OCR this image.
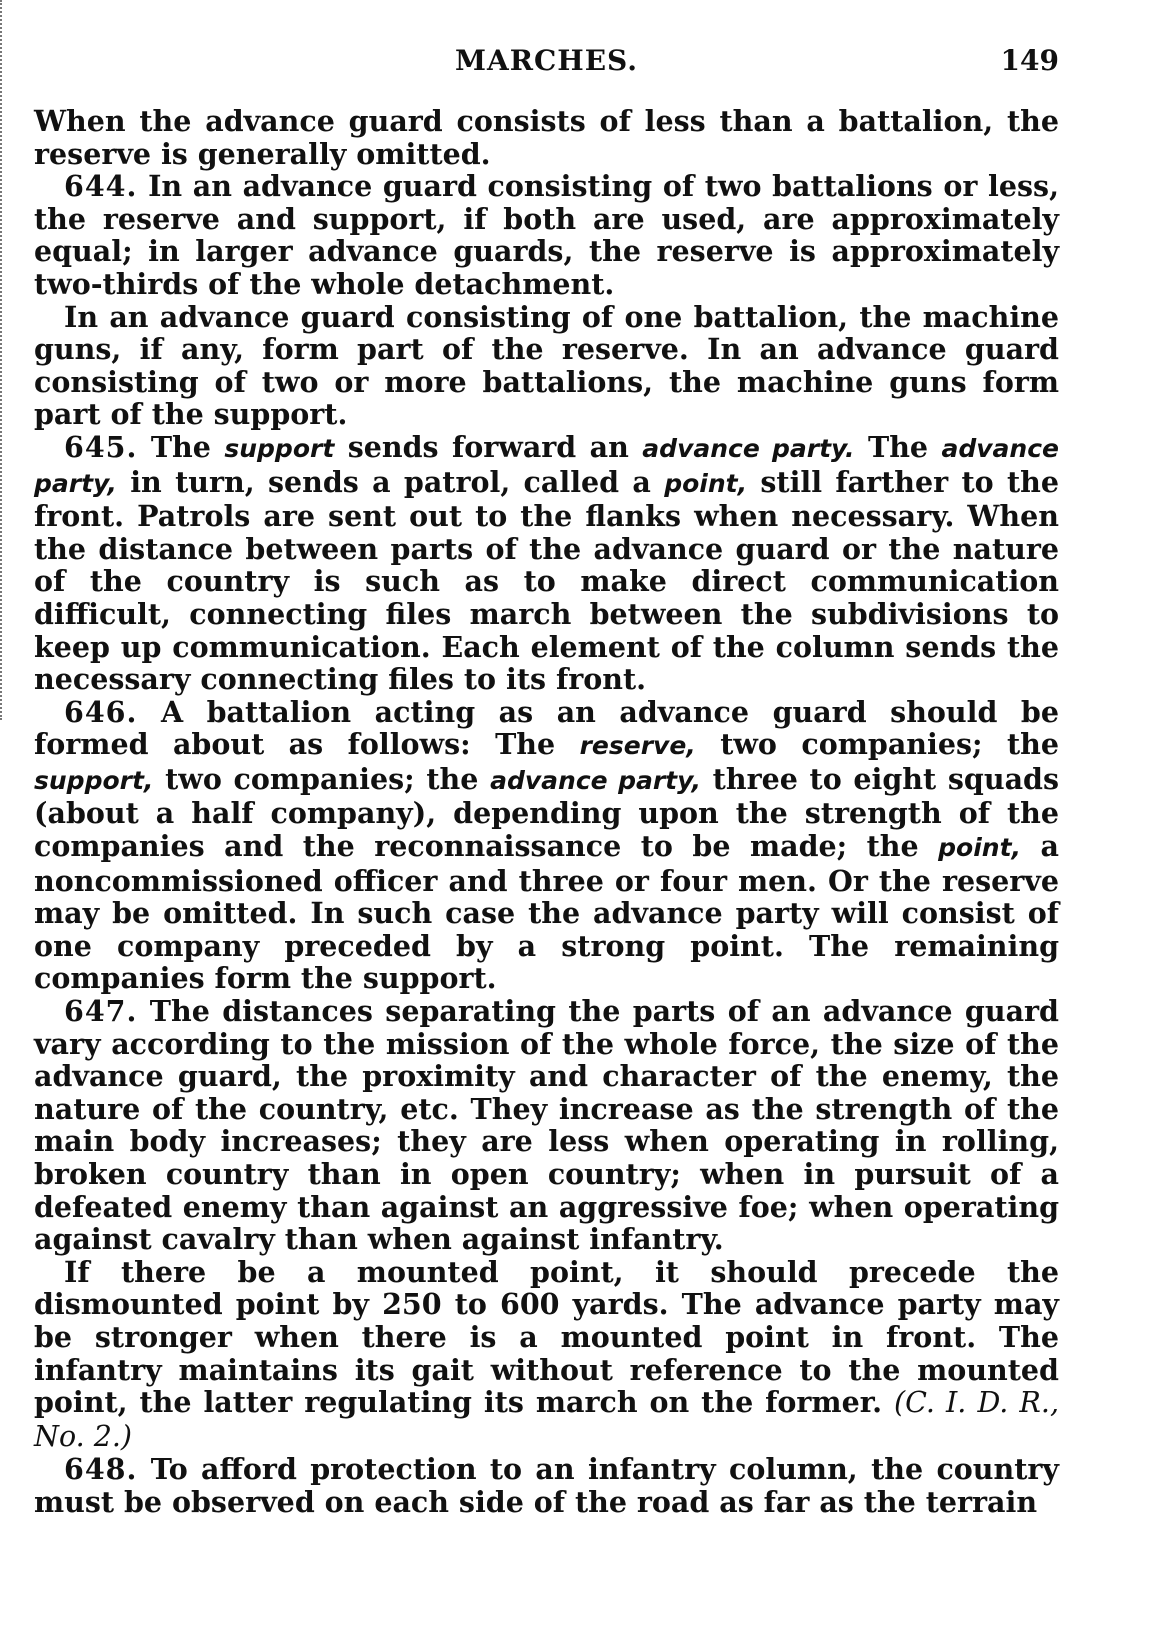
MARCHES.	149

When the advance guard consists of less than a battalion, the reserve is generally omitted.

644. In an advance guard consisting of two battalions or less, the reserve and support, if both are used, are approximately equal; in larger advance guards, the reserve is approximately two-thirds of the whole detachment.

In an advance guard consisting of one battalion, the machine guns, if any, form part of the reserve. In an advance guard consisting of two or more battalions, the machine guns form part of the support.

645. The support sends forward an advance party. The advance party, in turn, sends a patrol, called a point, still farther to the front. Patrols are sent out to the flanks when necessary. When the distance between parts of the advance guard or the nature of the country is such as to make direct communication difficult, connecting files march between the subdivisions to keep up communication. Each element of the column sends the necessary connecting files to its front.

646. A battalion acting as an advance guard should be formed about as follows: The reserve, two companies; the support, two companies; the advance party, three to eight squads (about a half company), depending upon the strength of the companies and the reconnaissance to be made; the point, a noncommissioned officer and three or four men. Or the reserve may be omitted. In such case the advance party will consist of one company preceded by a strong point. The remaining companies form the support.

647. The distances separating the parts of an advance guard vary according to the mission of the whole force, the size of the advance guard, the proximity and character of the enemy, the nature of the country, etc. They increase as the strength of the main body increases; they are less when operating in rolling, broken country than in open country; when in pursuit of a defeated enemy than against an aggressive foe; when operating against cavalry than when against infantry.

If there be a mounted point, it should precede the dismounted point by 250 to 600 yards. The advance party may be stronger when there is a mounted point in front. The infantry maintains its gait without reference to the mounted point, the latter regulating its march on the former. (C. I. D. R., No. 2.)

648. To afford protection to an infantry column, the country must be observed on each side of the road as far as the terrain
